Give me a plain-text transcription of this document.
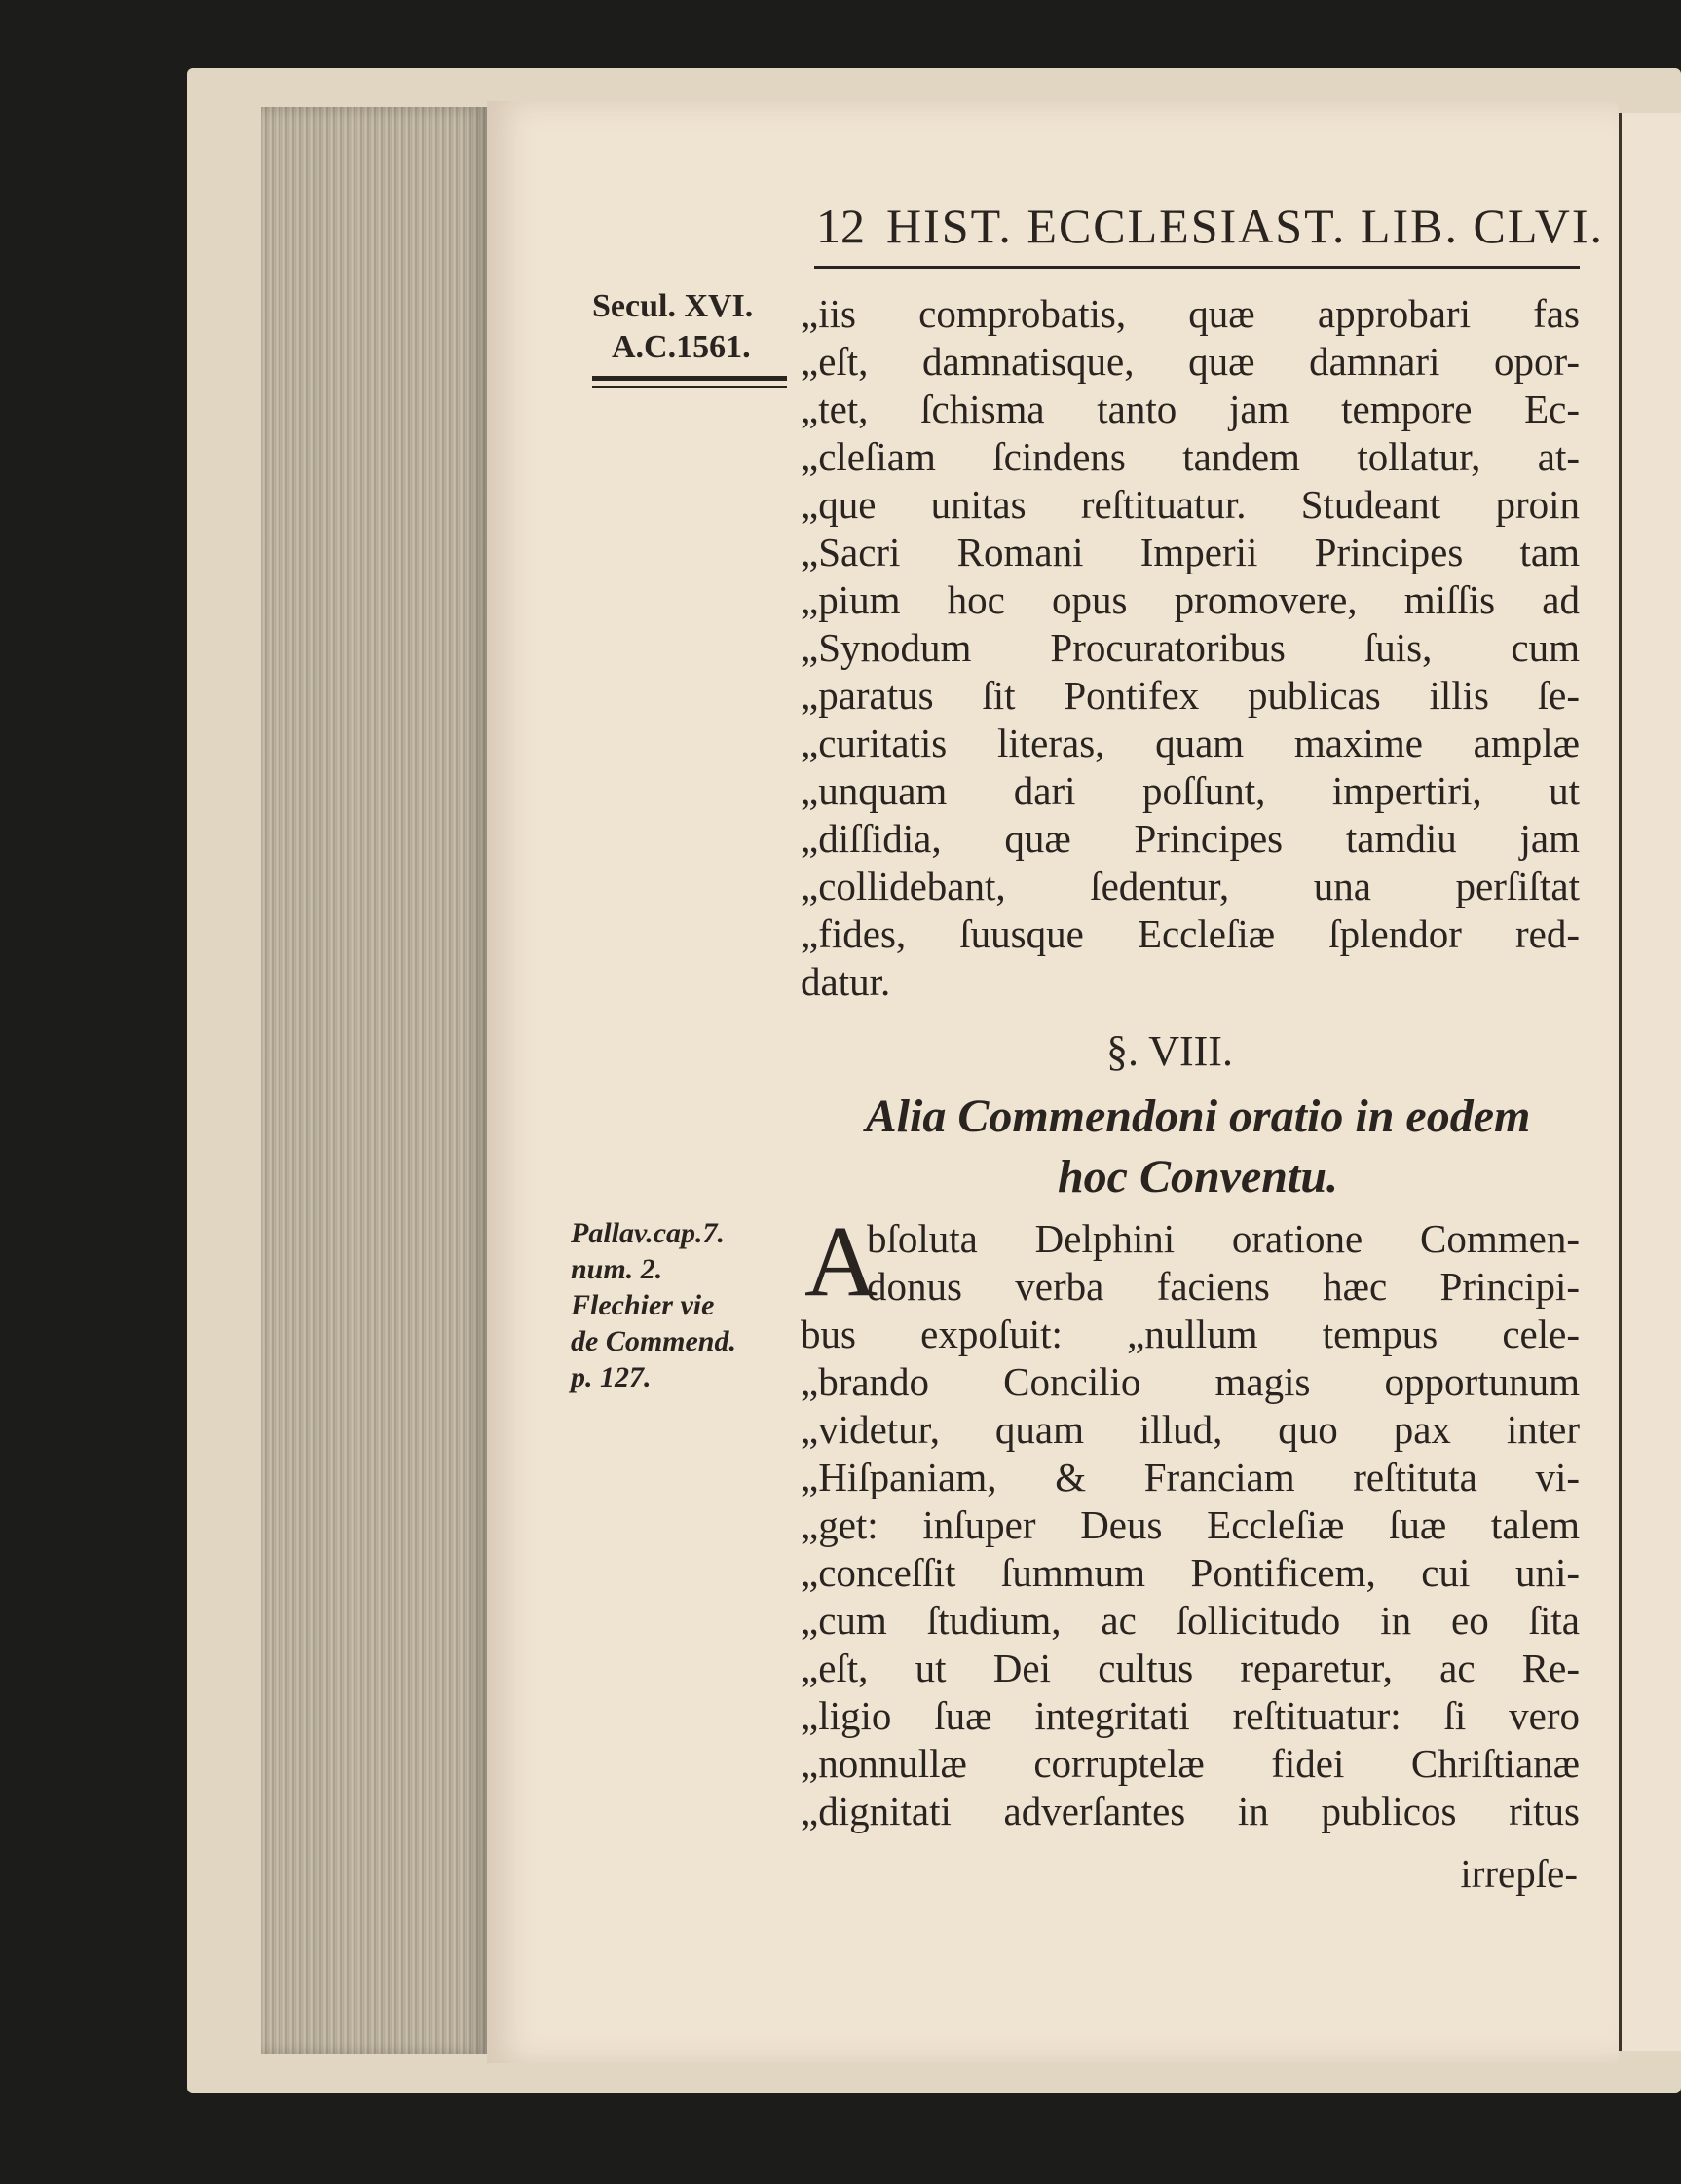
12 HIST. ECCLESIAST. LIB. CLVI.
Secul. XVI.
A.C.1561.
„iis comprobatis, quæ approbari fas
„eſt, damnatisque, quæ damnari opor-
„tet, ſchisma tanto jam tempore Ec-
„cleſiam ſcindens tandem tollatur, at-
„que unitas reſtituatur. Studeant proin
„Sacri Romani Imperii Principes tam
„pium hoc opus promovere, miſſis ad
„Synodum Procuratoribus ſuis, cum
„paratus ſit Pontifex publicas illis ſe-
„curitatis literas, quam maxime amplæ
„unquam dari poſſunt, impertiri, ut
„diſſidia, quæ Principes tamdiu jam
„collidebant, ſedentur, una perſiſtat
„fides, ſuusque Eccleſiæ ſplendor red-
datur.
§. VIII.
Alia Commendoni oratio in eodem
hoc Conventu.
Pallav.cap.7.
num. 2.
Flechier vie
de Commend.
p. 127.
A
bſoluta Delphini oratione Commen-
donus verba faciens hæc Principi-
bus expoſuit: „nullum tempus cele-
„brando Concilio magis opportunum
„videtur, quam illud, quo pax inter
„Hiſpaniam, & Franciam reſtituta vi-
„get: inſuper Deus Eccleſiæ ſuæ talem
„conceſſit ſummum Pontificem, cui uni-
„cum ſtudium, ac ſollicitudo in eo ſita
„eſt, ut Dei cultus reparetur, ac Re-
„ligio ſuæ integritati reſtituatur: ſi vero
„nonnullæ corruptelæ fidei Chriſtianæ
„dignitati adverſantes in publicos ritus
irrepſe-
